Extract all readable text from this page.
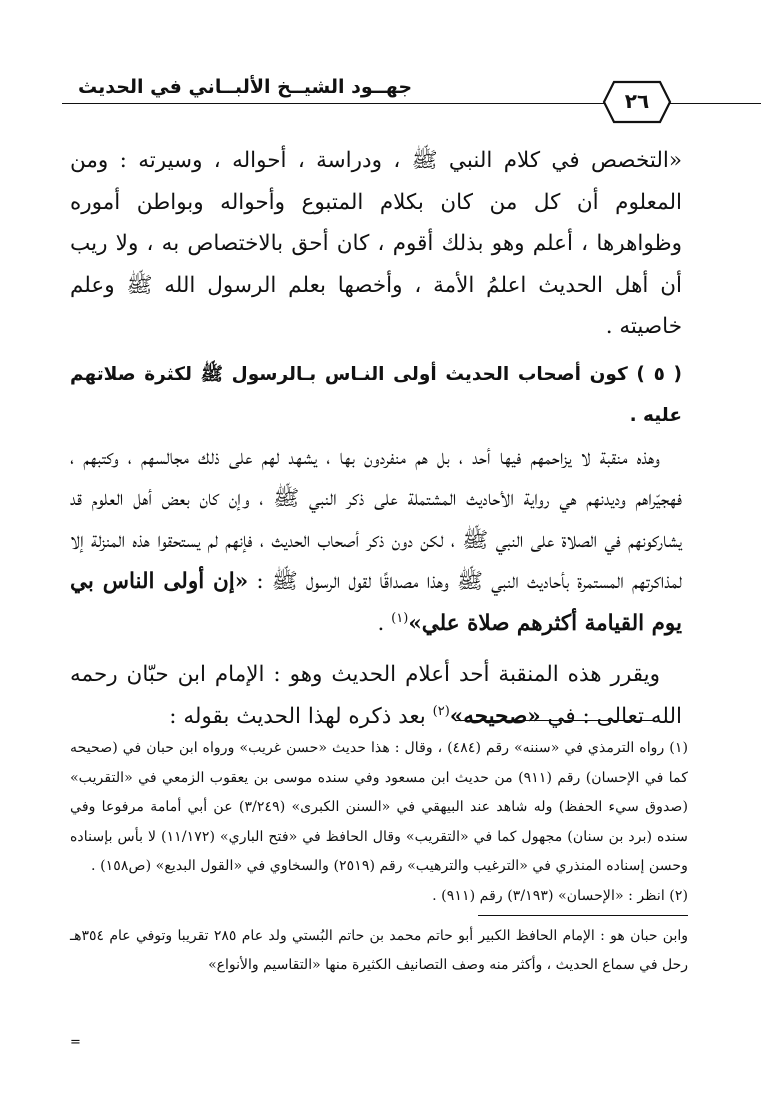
جهــود الشيــخ الألبــاني في الحديث
٢٦

«التخصص في كلام النبي ﷺ ، ودراسة ، أحواله ، وسيرته : ومن المعلوم أن كل من كان بكلام المتبوع وأحواله وبواطن أموره وظواهرها ، أعلم وهو بذلك أقوم ، كان أحق بالاختصاص به ، ولا ريب أن أهل الحديث اعلمُ الأمة ، وأخصها بعلم الرسول الله ﷺ وعلم خاصيته .

( ٥ ) كون أصحاب الحديث أولى النـاس بـالرسول ﷺ لكثرة صلاتهم عليه .

وهذه منقبة لا يزاحمهم فيها أحد ، بل هم منفردون بها ، يشهد لهم على ذلك مجالسهم ، وكتبهم ، فهجيّراهم وديدنهم هي رواية الأحاديث المشتملة على ذكر النبي ﷺ ، وإن كان بعض أهل العلوم قد يشاركونهم في الصلاة على النبي ﷺ ، لكن دون ذكر أصحاب الحديث ، فإنهم لم يستحقوا هذه المنزلة إلا لمذاكرتهم المستمرة بأحاديث النبي ﷺ وهذا مصداقًا لقول الرسول ﷺ : «إن أولى الناس بي يوم القيامة أكثرهم صلاة علي»$^{(١)}$ .

ويقرر هذه المنقبة أحد أعلام الحديث وهو : الإمام ابن حبّان رحمه الله تعالى : في «صحيحه»$^{(٢)}$ بعد ذكره لهذا الحديث بقوله :

(١) رواه الترمذي في «سننه» رقم (٤٨٤) ، وقال : هذا حديث «حسن غريب» ورواه ابن حبان في (صحيحه كما في الإحسان) رقم (٩١١) من حديث ابن مسعود وفي سنده موسى بن يعقوب الزمعي في «التقريب» (صدوق سيء الحفظ) وله شاهد عند البيهقي في «السنن الكبرى» (٣/٢٤٩) عن أبي أمامة مرفوعا وفي سنده (برد بن سنان) مجهول كما في «التقريب» وقال الحافظ في «فتح الباري» (١١/١٧٢) لا بأس بإسناده وحسن إسناده المنذري في «الترغيب والترهيب» رقم (٢٥١٩) والسخاوي في «القول البديع» (ص١٥٨) .

(٢) انظر : «الإحسان» (٣/١٩٣) رقم (٩١١) .

وابن حبان هو : الإمام الحافظ الكبير أبو حاتم محمد بن حاتم البُستي ولد عام ٢٨٥ تقريبا وتوفي عام ٣٥٤هـ رحل في سماع الحديث ، وأكثر منه وصف التصانيف الكثيرة منها «التقاسيم والأنواع»

=
